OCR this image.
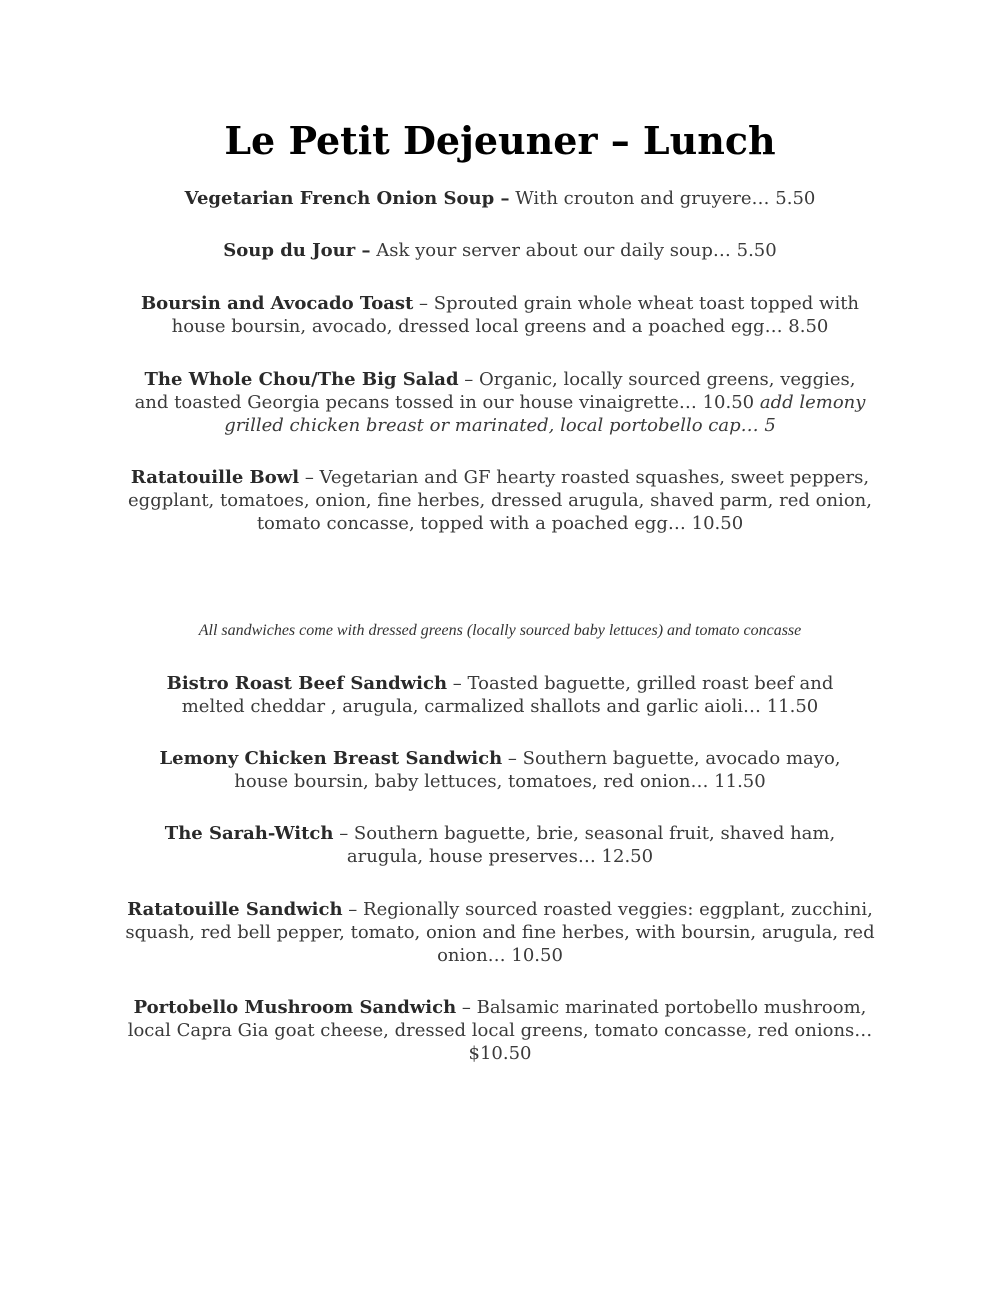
Le Petit Dejeuner – Lunch

Vegetarian French Onion Soup – With crouton and gruyere… 5.50

Soup du Jour – Ask your server about our daily soup… 5.50

Boursin and Avocado Toast – Sprouted grain whole wheat toast topped with house boursin, avocado, dressed local greens and a poached egg… 8.50

The Whole Chou/The Big Salad – Organic, locally sourced greens, veggies, and toasted Georgia pecans tossed in our house vinaigrette… 10.50 add lemony grilled chicken breast or marinated, local portobello cap… 5

Ratatouille Bowl – Vegetarian and GF hearty roasted squashes, sweet peppers, eggplant, tomatoes, onion, fine herbes, dressed arugula, shaved parm, red onion, tomato concasse, topped with a poached egg… 10.50

All sandwiches come with dressed greens (locally sourced baby lettuces) and tomato concasse

Bistro Roast Beef Sandwich – Toasted baguette, grilled roast beef and melted cheddar , arugula, carmalized shallots and garlic aioli… 11.50

Lemony Chicken Breast Sandwich – Southern baguette, avocado mayo, house boursin, baby lettuces, tomatoes, red onion… 11.50

The Sarah-Witch – Southern baguette, brie, seasonal fruit, shaved ham, arugula, house preserves… 12.50

Ratatouille Sandwich – Regionally sourced roasted veggies: eggplant, zucchini, squash, red bell pepper, tomato, onion and fine herbes, with boursin, arugula, red onion… 10.50

Portobello Mushroom Sandwich – Balsamic marinated portobello mushroom, local Capra Gia goat cheese, dressed local greens, tomato concasse, red onions…$10.50
